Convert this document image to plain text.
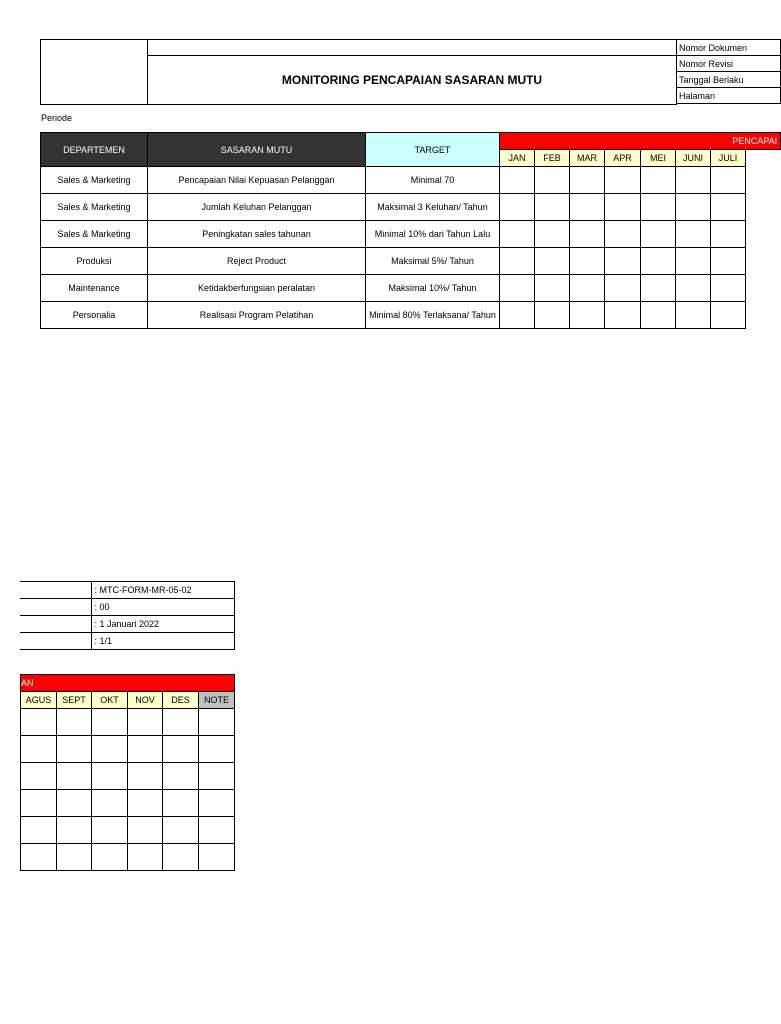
		Nomor Dokumen
	MONITORING PENCAPAIAN SASARAN MUTU	Nomor Revisi
		Tanggal Berlaku
		Halaman

Periode
DEPARTEMEN	SASARAN MUTU	TARGET	PENCAPAI							
			JAN	FEB	MAR	APR	MEI	JUNI	JULI	
Sales & Marketing	Pencapaian Nilai Kepuasan Pelanggan	Minimal 70								
Sales & Marketing	Jumlah Keluhan Pelanggan	Maksimal 3 Keluhan/ Tahun								
Sales & Marketing	Peningkatan sales tahunan	Minimal 10% dari Tahun Lalu								
Produksi	Reject Product	Maksimal 5%/ Tahun								
Maintenance	Ketidakberfungsian peralatan	Maksimal 10%/ Tahun								
Personalia	Realisasi Program Pelatihan	Minimal 80% Terlaksana/ Tahun								
	: MTC-FORM-MR-05-02
	: 00
	: 1 Januari 2022
	: 1/1
AN					
AGUS	SEPT	OKT	NOV	DES	NOTE
